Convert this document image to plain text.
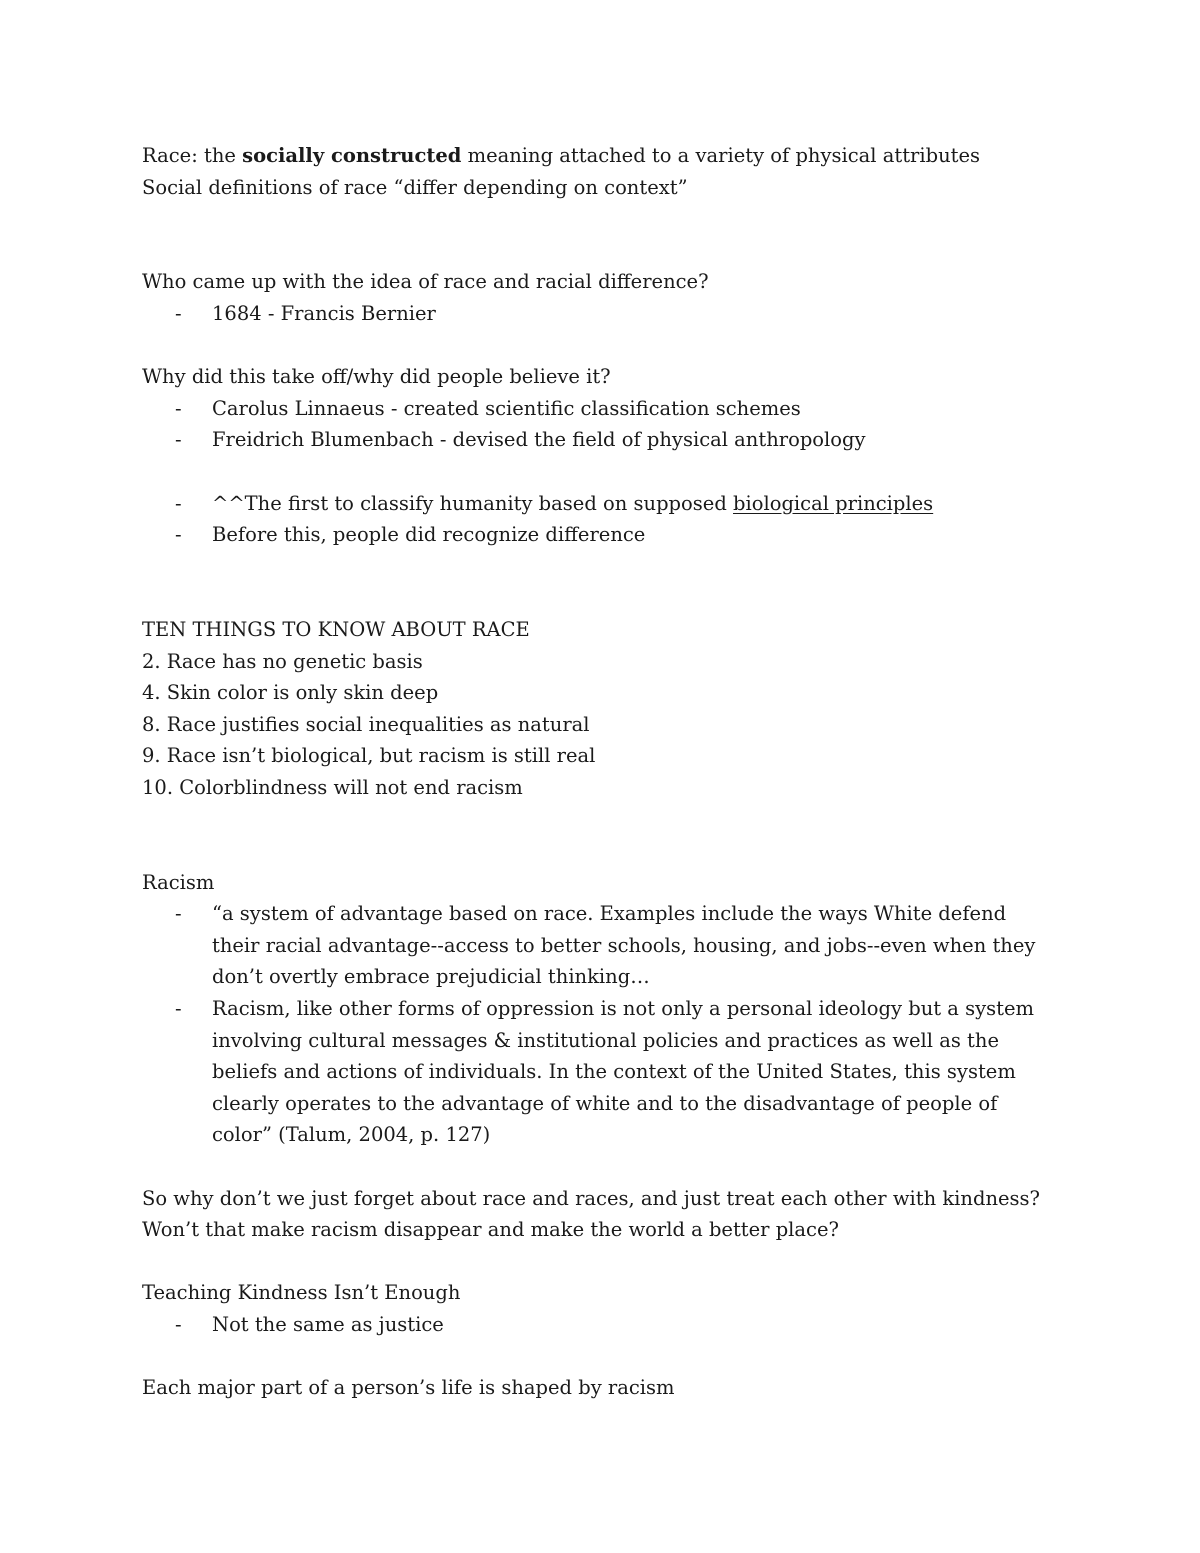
Race: the socially constructed meaning attached to a variety of physical attributes

Social definitions of race “differ depending on context”

Who came up with the idea of race and racial difference?

- 1684 - Francis Bernier

Why did this take off/why did people believe it?

- Carolus Linnaeus - created scientific classification schemes
- Freidrich Blumenbach - devised the field of physical anthropology
- ^^The first to classify humanity based on supposed biological principles
- Before this, people did recognize difference

TEN THINGS TO KNOW ABOUT RACE

2. Race has no genetic basis

4. Skin color is only skin deep

8. Race justifies social inequalities as natural

9. Race isn’t biological, but racism is still real

10. Colorblindness will not end racism

Racism

- “a system of advantage based on race. Examples include the ways White defend
their racial advantage--access to better schools, housing, and jobs--even when they
don’t overtly embrace prejudicial thinking…
- Racism, like other forms of oppression is not only a personal ideology but a system
involving cultural messages & institutional policies and practices as well as the
beliefs and actions of individuals. In the context of the United States, this system
clearly operates to the advantage of white and to the disadvantage of people of
color” (Talum, 2004, p. 127)

So why don’t we just forget about race and races, and just treat each other with kindness?

Won’t that make racism disappear and make the world a better place?

Teaching Kindness Isn’t Enough

- Not the same as justice

Each major part of a person’s life is shaped by racism
